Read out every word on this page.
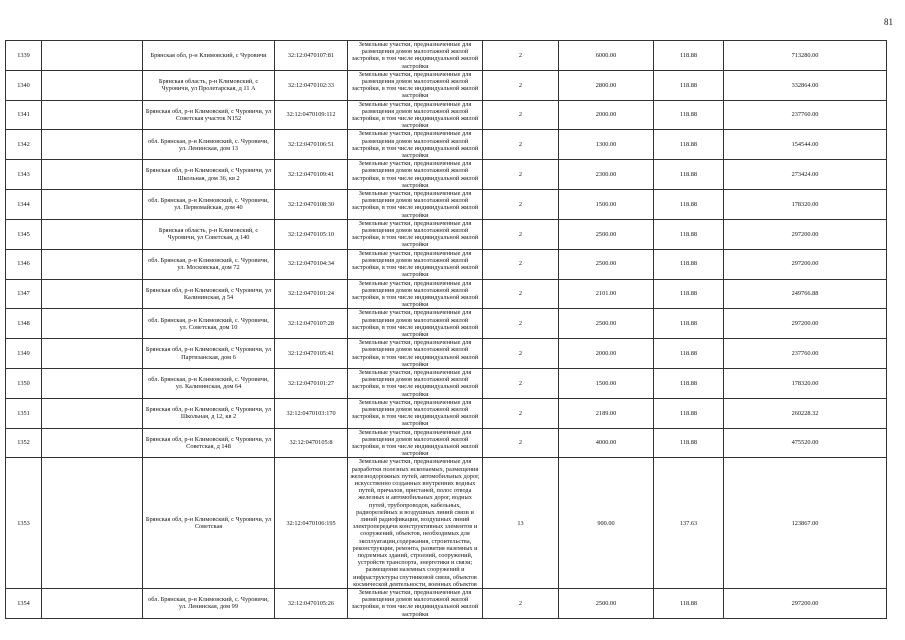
81
1339		Брянская обл, р-н Климовский, с Чуровичи	32:12:0470107:81	Земельные участки, предназначенные для размещения домов малоэтажной жилой застройки, в том числе индивидуальной жилой застройки	2	6000.00	118.88	713280.00
1340		Брянская область, р-н Климовский, с Чуровичи, ул Пролетарская, д 11 А	32:12:0470102:33	Земельные участки, предназначенные для размещения домов малоэтажной жилой застройки, в том числе индивидуальной жилой застройки	2	2800.00	118.88	332864.00
1341		Брянская обл, р-н Климовский, с Чуровичи, ул Советская участок N152	32:12:0470109:112	Земельные участки, предназначенные для размещения домов малоэтажной жилой застройки, в том числе индивидуальной жилой застройки	2	2000.00	118.88	237760.00
1342		обл. Брянская, р-н Климовский, с. Чуровичи, ул. Ленинская, дом 13	32:12:0470106:51	Земельные участки, предназначенные для размещения домов малоэтажной жилой застройки, в том числе индивидуальной жилой застройки	2	1300.00	118.88	154544.00
1343		Брянская обл, р-н Климовский, с Чуровичи, ул Школьная, дом 36, кв 2	32:12:0470109:41	Земельные участки, предназначенные для размещения домов малоэтажной жилой застройки, в том числе индивидуальной жилой застройки	2	2300.00	118.88	273424.00
1344		обл. Брянская, р-н Климовский, с. Чуровичи, ул. Первомайская, дом 40	32:12:0470108:30	Земельные участки, предназначенные для размещения домов малоэтажной жилой застройки, в том числе индивидуальной жилой застройки	2	1500.00	118.88	178320.00
1345		Брянская область, р-н Климовский, с Чуровичи, ул Советская, д 140	32:12:0470105:10	Земельные участки, предназначенные для размещения домов малоэтажной жилой застройки, в том числе индивидуальной жилой застройки	2	2500.00	118.88	297200.00
1346		обл. Брянская, р-н Климовский, с. Чуровичи, ул. Московская, дом 72	32:12:0470104:34	Земельные участки, предназначенные для размещения домов малоэтажной жилой застройки, в том числе индивидуальной жилой застройки	2	2500.00	118.88	297200.00
1347		Брянская обл, р-н Климовский, с Чуровичи, ул Калининская, д 54	32:12:0470101:24	Земельные участки, предназначенные для размещения домов малоэтажной жилой застройки, в том числе индивидуальной жилой застройки	2	2101.00	118.88	249766.88
1348		обл. Брянская, р-н Климовский, с. Чуровичи, ул. Советская, дом 10	32:12:0470107:28	Земельные участки, предназначенные для размещения домов малоэтажной жилой застройки, в том числе индивидуальной жилой застройки	2	2500.00	118.88	297200.00
1349		Брянская обл, р-н Климовский, с Чуровичи, ул Партизанская, дом 6	32:12:0470105:41	Земельные участки, предназначенные для размещения домов малоэтажной жилой застройки, в том числе индивидуальной жилой застройки	2	2000.00	118.88	237760.00
1350		обл. Брянская, р-н Климовский, с. Чуровичи, ул. Калининская, дом 64	32:12:0470101:27	Земельные участки, предназначенные для размещения домов малоэтажной жилой застройки, в том числе индивидуальной жилой застройки	2	1500.00	118.88	178320.00
1351		Брянская обл, р-н Климовский, с Чуровичи, ул Школьная, д 12, кв 2	32:12:0470103:170	Земельные участки, предназначенные для размещения домов малоэтажной жилой застройки, в том числе индивидуальной жилой застройки	2	2189.00	118.88	260228.32
1352		Брянская обл, р-н Климовский, с Чуровичи, ул Советская, д 148	32:12:0470105:8	Земельные участки, предназначенные для размещения домов малоэтажной жилой застройки, в том числе индивидуальной жилой застройки	2	4000.00	118.88	475520.00
1353		Брянская обл, р-н Климовский, с Чуровичи, ул Советская	32:12:0470106:195	Земельные участки, предназначенные для разработки полезных ископаемых, размещения железнодорожных путей, автомобильных дорог, искусственно созданных внутренних водных путей, причалов, пристаней, полос отвода железных и автомобильных дорог, водных путей, трубопроводов, кабельных, радиорелейных и воздушных линий связи и линий радиофикации, воздушных линий электропередачи конструктивных элементов и сооружений, объектов, необходимых для эксплуатации,содержания, строительства, реконструкции, ремонта, развития наземных и подземных зданий, строений, сооружений, устройств транспорта, энергетики и связи; размещения наземных сооружений и инфраструктуры спутниковой связи, объектов космической деятельности, военных объектов	13	900.00	137.63	123867.00
1354		обл. Брянская, р-н Климовский, с. Чуровичи, ул. Ленинская, дом 99	32:12:0470105:26	Земельные участки, предназначенные для размещения домов малоэтажной жилой застройки, в том числе индивидуальной жилой застройки	2	2500.00	118.88	297200.00
